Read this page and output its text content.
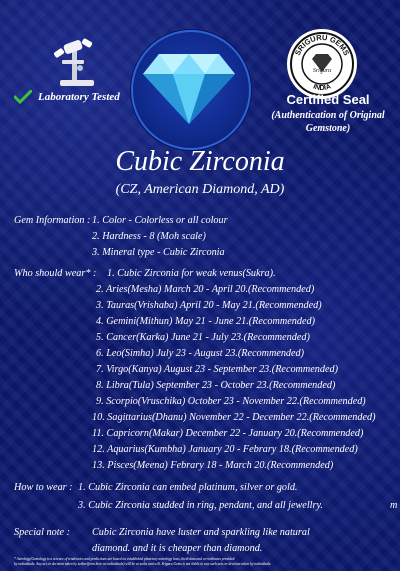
Laboratory Tested
SRIGURU GEMS
INDIA
Sriguru
Certified Seal
(Authentication of Original Gemstone)
Cubic Zirconia
(CZ, American Diamond, AD)
Gem Information : 1. Color - Colorless or all colour
2. Hardness - 8 (Moh scale)
3. Mineral type - Cubic Zirconia
Who should wear* : 1. Cubic Zirconia for weak venus(Sukra).
2. Aries(Mesha) March 20 - April 20.(Recommended)
3. Tauras(Vrishaba) April 20 - May 21.(Recommended)
4. Gemini(Mithun) May 21 - June 21.(Recommended)
5. Cancer(Karka) June 21 - July 23.(Recommended)
6. Leo(Simha) July 23 - August 23.(Recommended)
7. Virgo(Kanya) August 23 - September 23.(Recommended)
8. Libra(Tula) September 23 - October 23.(Recommended)
9. Scorpio(Vruschika) October 23 - November 22.(Recommended)
10. Sagittarius(Dhanu) November 22 - December 22.(Recommended)
11. Capricorn(Makar) December 22 - January 20.(Recommended)
12. Aquarius(Kumbha) January 20 - Febrary 18.(Recommended)
13. Pisces(Meena) Febrary 18 - March 20.(Recommended)
How to wear : 1. Cubic Zirconia can embed platinum, silver or gold.
3. Cubic Zirconia studded in ring, pendant, and all jewellry.	m
Special note : Cubic Zirconia have luster and sparkling like natural
diamond. and it is cheaper than diamond.
* Astrology/Gemology is a science of tendencies and predictions are based on established planetary astrology laws, birth data and co-ordinates provided
by individuals. Any act or decision taken by seeker(from here on individuals) will be at seeks and will. Sriguru Gems is not liable to any such acts or decision taken by individuals.
